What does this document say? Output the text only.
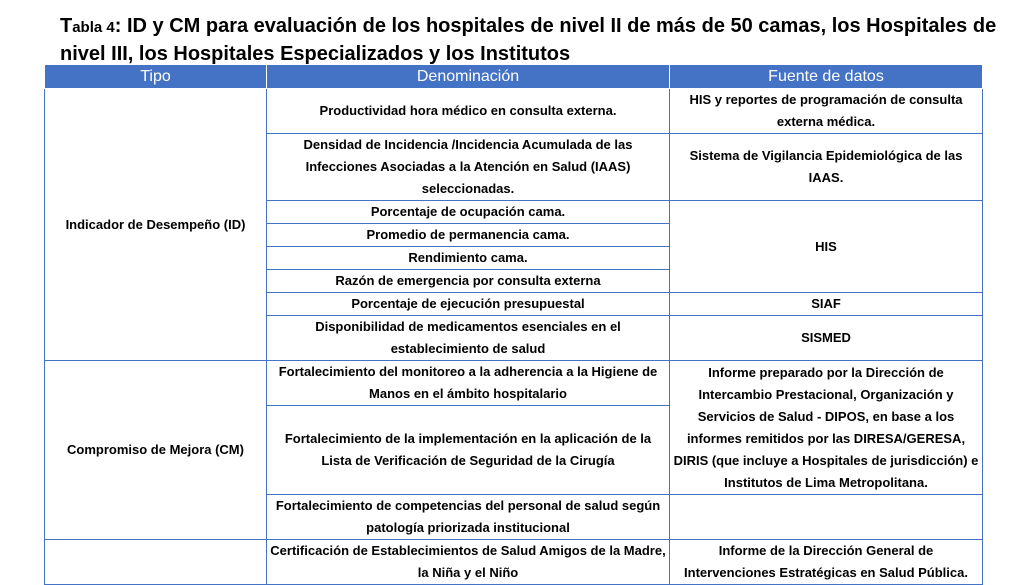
Tabla 4: ID y CM para evaluación de los hospitales de nivel II de más de 50 camas, los Hospitales de nivel III, los Hospitales Especializados y los Institutos
Tipo	Denominación	Fuente de datos
Indicador de Desempeño (ID)	Productividad hora médico en consulta externa.	HIS y reportes de programación de consulta externa médica.
	Densidad de Incidencia /Incidencia Acumulada de las Infecciones Asociadas a la Atención en Salud (IAAS) seleccionadas.	Sistema de Vigilancia Epidemiológica de las IAAS.
	Porcentaje de ocupación cama.	HIS
	Promedio de permanencia cama.	
	Rendimiento cama.	
	Razón de emergencia por consulta externa	
	Porcentaje de ejecución presupuestal	SIAF
	Disponibilidad de medicamentos esenciales en el establecimiento de salud	SISMED
Compromiso de Mejora (CM)	Fortalecimiento del monitoreo a la adherencia a la Higiene de Manos en el ámbito hospitalario	Informe preparado por la Dirección de Intercambio Prestacional, Organización y Servicios de Salud - DIPOS, en base a los informes remitidos por las DIRESA/GERESA, DIRIS (que incluye a Hospitales de jurisdicción) e Institutos de Lima Metropolitana.
	Fortalecimiento de la implementación en la aplicación de la Lista de Verificación de Seguridad de la Cirugía	
	Fortalecimiento de competencias del personal de salud según patología priorizada institucional	
	Certificación de Establecimientos de Salud Amigos de la Madre, la Niña y el Niño	Informe de la Dirección General de Intervenciones Estratégicas en Salud Pública.
